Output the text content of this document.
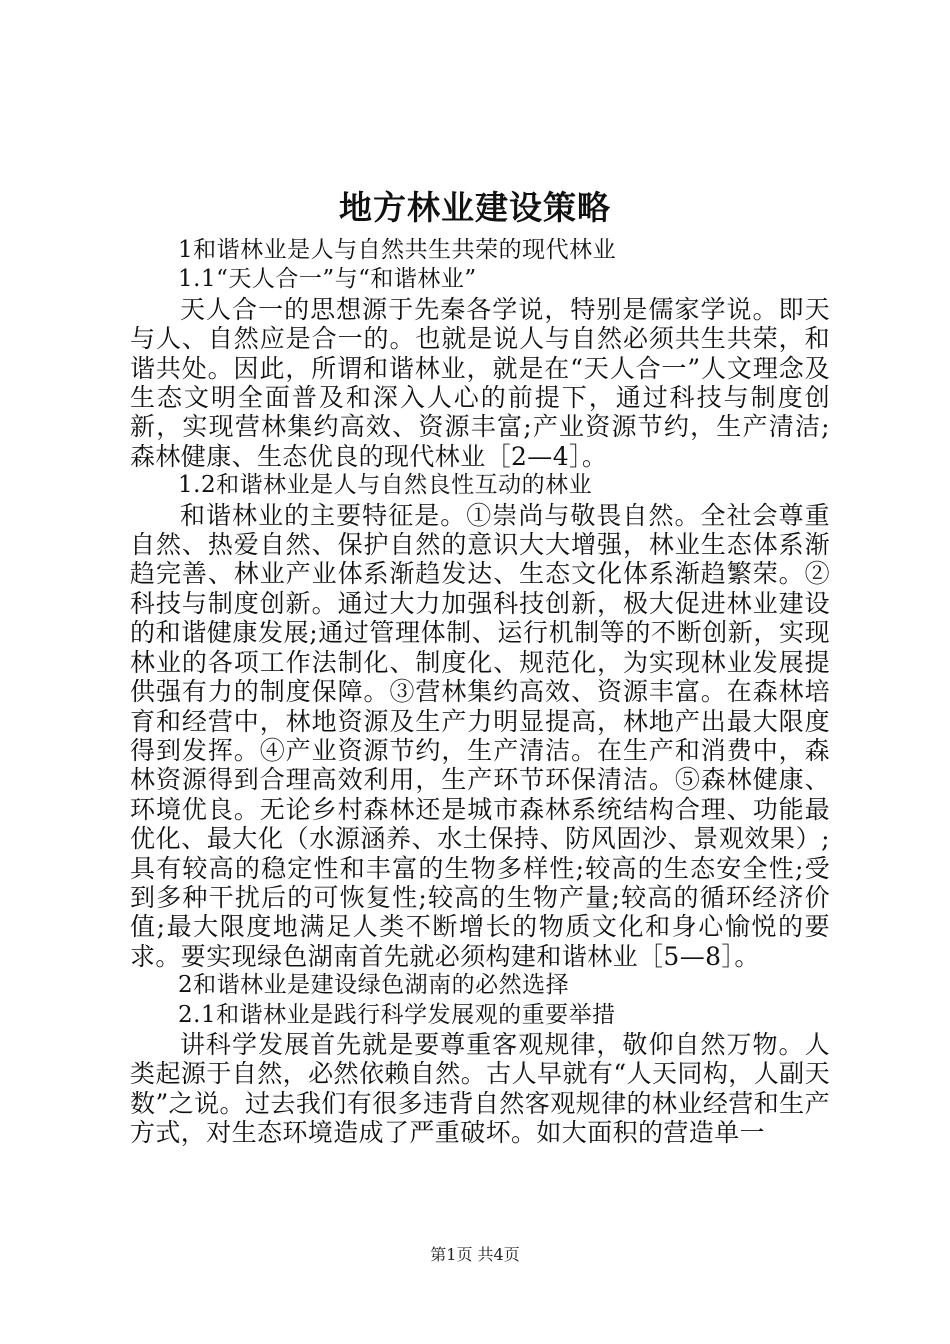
地方林业建设策略

1和谐林业是人与自然共生共荣的现代林业

1.1“天人合一”与“和谐林业”

天人合一的思想源于先秦各学说，特别是儒家学说。即天与人、自然应是合一的。也就是说人与自然必须共生共荣，和谐共处。因此，所谓和谐林业，就是在“天人合一”人文理念及生态文明全面普及和深入人心的前提下，通过科技与制度创新，实现营林集约高效、资源丰富;产业资源节约，生产清洁;森林健康、生态优良的现代林业［2—4］。

1.2和谐林业是人与自然良性互动的林业

和谐林业的主要特征是。①崇尚与敬畏自然。全社会尊重自然、热爱自然、保护自然的意识大大增强，林业生态体系渐趋完善、林业产业体系渐趋发达、生态文化体系渐趋繁荣。②科技与制度创新。通过大力加强科技创新，极大促进林业建设的和谐健康发展;通过管理体制、运行机制等的不断创新，实现林业的各项工作法制化、制度化、规范化，为实现林业发展提供强有力的制度保障。③营林集约高效、资源丰富。在森林培育和经营中，林地资源及生产力明显提高，林地产出最大限度得到发挥。④产业资源节约，生产清洁。在生产和消费中，森林资源得到合理高效利用，生产环节环保清洁。⑤森林健康、环境优良。无论乡村森林还是城市森林系统结构合理、功能最优化、最大化（水源涵养、水土保持、防风固沙、景观效果）;具有较高的稳定性和丰富的生物多样性;较高的生态安全性;受到多种干扰后的可恢复性;较高的生物产量;较高的循环经济价值;最大限度地满足人类不断增长的物质文化和身心愉悦的要求。要实现绿色湖南首先就必须构建和谐林业［5—8］。

2和谐林业是建设绿色湖南的必然选择

2.1和谐林业是践行科学发展观的重要举措

讲科学发展首先就是要尊重客观规律，敬仰自然万物。人类起源于自然，必然依赖自然。古人早就有“人天同构，人副天数”之说。过去我们有很多违背自然客观规律的林业经营和生产方式，对生态环境造成了严重破坏。如大面积的营造单一

第1页 共4页
